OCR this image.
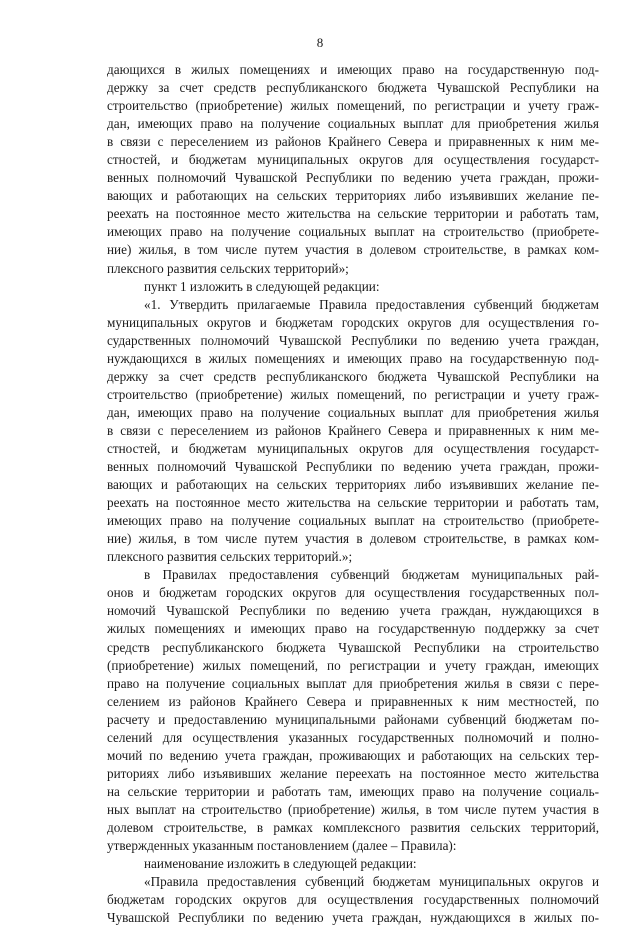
8
дающихся в жилых помещениях и имеющих право на государственную под-
держку за счет средств республиканского бюджета Чувашской Республики на
строительство (приобретение) жилых помещений, по регистрации и учету граж-
дан, имеющих право на получение социальных выплат для приобретения жилья
в связи с переселением из районов Крайнего Севера и приравненных к ним ме-
стностей, и бюджетам муниципальных округов для осуществления государст-
венных полномочий Чувашской Республики по ведению учета граждан, прожи-
вающих и работающих на сельских территориях либо изъявивших желание пе-
реехать на постоянное место жительства на сельские территории и работать там,
имеющих право на получение социальных выплат на строительство (приобрете-
ние) жилья, в том числе путем участия в долевом строительстве, в рамках ком-
плексного развития сельских территорий»;
пункт 1 изложить в следующей редакции:
«1. Утвердить прилагаемые Правила предоставления субвенций бюджетам
муниципальных округов и бюджетам городских округов для осуществления го-
сударственных полномочий Чувашской Республики по ведению учета граждан,
нуждающихся в жилых помещениях и имеющих право на государственную под-
держку за счет средств республиканского бюджета Чувашской Республики на
строительство (приобретение) жилых помещений, по регистрации и учету граж-
дан, имеющих право на получение социальных выплат для приобретения жилья
в связи с переселением из районов Крайнего Севера и приравненных к ним ме-
стностей, и бюджетам муниципальных округов для осуществления государст-
венных полномочий Чувашской Республики по ведению учета граждан, прожи-
вающих и работающих на сельских территориях либо изъявивших желание пе-
реехать на постоянное место жительства на сельские территории и работать там,
имеющих право на получение социальных выплат на строительство (приобрете-
ние) жилья, в том числе путем участия в долевом строительстве, в рамках ком-
плексного развития сельских территорий.»;
в Правилах предоставления субвенций бюджетам муниципальных рай-
онов и бюджетам городских округов для осуществления государственных пол-
номочий Чувашской Республики по ведению учета граждан, нуждающихся в
жилых помещениях и имеющих право на государственную поддержку за счет
средств республиканского бюджета Чувашской Республики на строительство
(приобретение) жилых помещений, по регистрации и учету граждан, имеющих
право на получение социальных выплат для приобретения жилья в связи с пере-
селением из районов Крайнего Севера и приравненных к ним местностей, по
расчету и предоставлению муниципальными районами субвенций бюджетам по-
селений для осуществления указанных государственных полномочий и полно-
мочий по ведению учета граждан, проживающих и работающих на сельских тер-
риториях либо изъявивших желание переехать на постоянное место жительства
на сельские территории и работать там, имеющих право на получение социаль-
ных выплат на строительство (приобретение) жилья, в том числе путем участия в
долевом строительстве, в рамках комплексного развития сельских территорий,
утвержденных указанным постановлением (далее – Правила):
наименование изложить в следующей редакции:
«Правила предоставления субвенций бюджетам муниципальных округов и
бюджетам городских округов для осуществления государственных полномочий
Чувашской Республики по ведению учета граждан, нуждающихся в жилых по-
